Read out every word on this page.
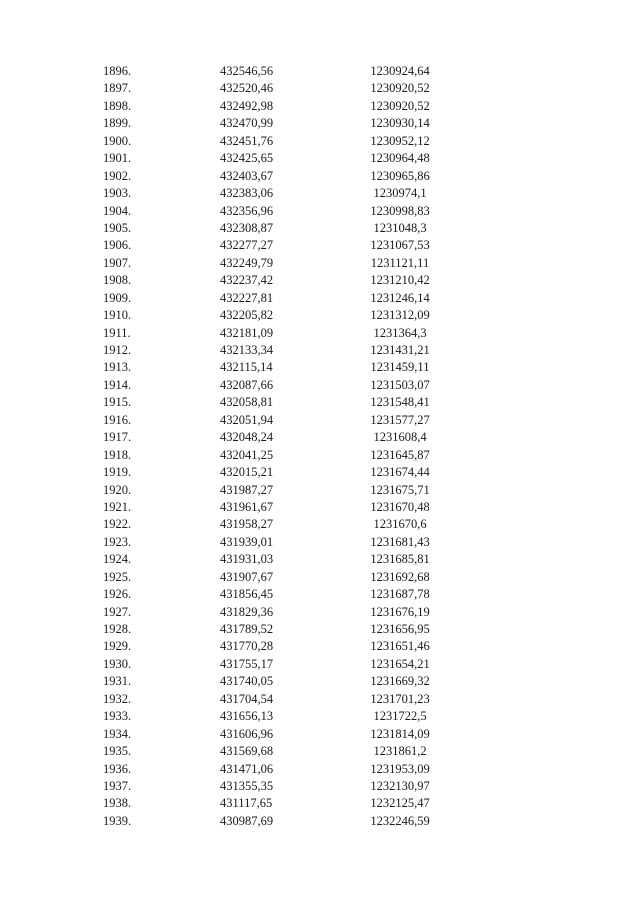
1896.	432546,56	1230924,64
1897.	432520,46	1230920,52
1898.	432492,98	1230920,52
1899.	432470,99	1230930,14
1900.	432451,76	1230952,12
1901.	432425,65	1230964,48
1902.	432403,67	1230965,86
1903.	432383,06	1230974,1
1904.	432356,96	1230998,83
1905.	432308,87	1231048,3
1906.	432277,27	1231067,53
1907.	432249,79	1231121,11
1908.	432237,42	1231210,42
1909.	432227,81	1231246,14
1910.	432205,82	1231312,09
1911.	432181,09	1231364,3
1912.	432133,34	1231431,21
1913.	432115,14	1231459,11
1914.	432087,66	1231503,07
1915.	432058,81	1231548,41
1916.	432051,94	1231577,27
1917.	432048,24	1231608,4
1918.	432041,25	1231645,87
1919.	432015,21	1231674,44
1920.	431987,27	1231675,71
1921.	431961,67	1231670,48
1922.	431958,27	1231670,6
1923.	431939,01	1231681,43
1924.	431931,03	1231685,81
1925.	431907,67	1231692,68
1926.	431856,45	1231687,78
1927.	431829,36	1231676,19
1928.	431789,52	1231656,95
1929.	431770,28	1231651,46
1930.	431755,17	1231654,21
1931.	431740,05	1231669,32
1932.	431704,54	1231701,23
1933.	431656,13	1231722,5
1934.	431606,96	1231814,09
1935.	431569,68	1231861,2
1936.	431471,06	1231953,09
1937.	431355,35	1232130,97
1938.	431117,65	1232125,47
1939.	430987,69	1232246,59
